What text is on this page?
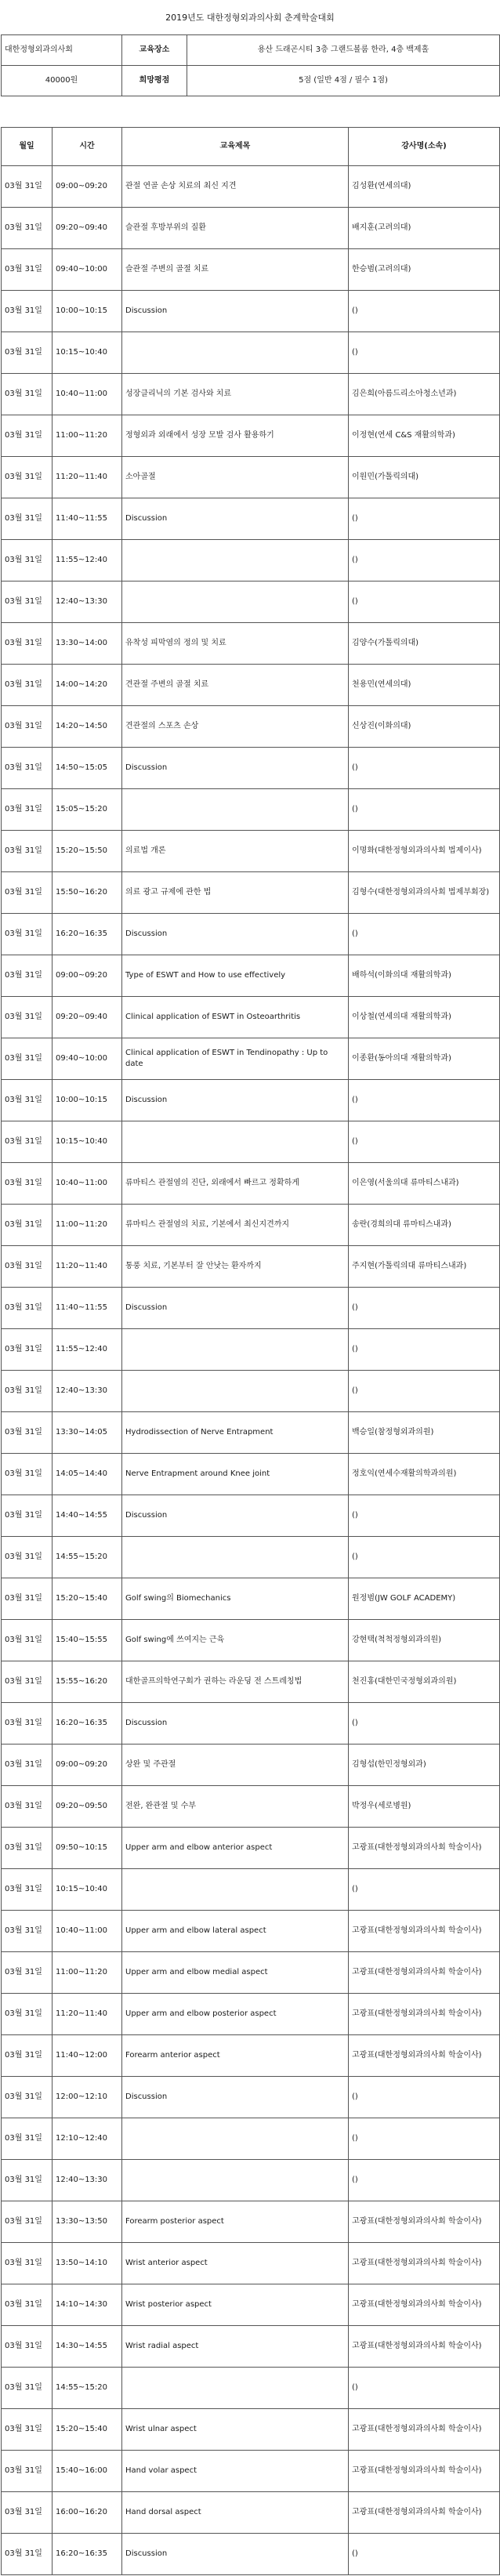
2019년도 대한정형외과의사회 춘계학술대회
대한정형외과의사회	교육장소	용산 드래곤시티 3층 그랜드볼룸 한라, 4층 백제홀
40000원	희망평점	5점 (일반 4점 / 필수 1점)
월일	시간	교육제목	강사명(소속)
03월 31일	09:00~09:20	관절 연골 손상 치료의 최신 지견	김성환(연세의대)
03월 31일	09:20~09:40	슬관절 후방부위의 질환	배지훈(고려의대)
03월 31일	09:40~10:00	슬관절 주변의 골절 치료	한승범(고려의대)
03월 31일	10:00~10:15	Discussion	()
03월 31일	10:15~10:40		()
03월 31일	10:40~11:00	성장클리닉의 기본 검사와 치료	김은희(아름드리소아청소년과)
03월 31일	11:00~11:20	정형외과 외래에서 성장 모발 검사 활용하기	이정현(연세 C&S 재활의학과)
03월 31일	11:20~11:40	소아골절	이원민(가톨릭의대)
03월 31일	11:40~11:55	Discussion	()
03월 31일	11:55~12:40		()
03월 31일	12:40~13:30		()
03월 31일	13:30~14:00	유착성 피막염의 정의 및 치료	김양수(가톨릭의대)
03월 31일	14:00~14:20	견관절 주변의 골절 치료	천용민(연세의대)
03월 31일	14:20~14:50	견관절의 스포츠 손상	신상진(이화의대)
03월 31일	14:50~15:05	Discussion	()
03월 31일	15:05~15:20		()
03월 31일	15:20~15:50	의료법 개론	이명화(대한정형외과의사회 법제이사)
03월 31일	15:50~16:20	의료 광고 규제에 관한 법	김형수(대한정형외과의사회 법제부회장)
03월 31일	16:20~16:35	Discussion	()
03월 31일	09:00~09:20	Type of ESWT and How to use effectively	배하석(이화의대 재활의학과)
03월 31일	09:20~09:40	Clinical application of ESWT in Osteoarthritis	이상철(연세의대 재활의학과)
03월 31일	09:40~10:00	Clinical application of ESWT in Tendinopathy : Up to date	이종환(동아의대 재활의학과)
03월 31일	10:00~10:15	Discussion	()
03월 31일	10:15~10:40		()
03월 31일	10:40~11:00	류마티스 관절염의 진단, 외래에서 빠르고 정확하게	이은영(서울의대 류마티스내과)
03월 31일	11:00~11:20	류마티스 관절염의 치료, 기본에서 최신지견까지	송란(경희의대 류마티스내과)
03월 31일	11:20~11:40	통풍 치료, 기본부터 잘 안낫는 환자까지	주지현(가톨릭의대 류마티스내과)
03월 31일	11:40~11:55	Discussion	()
03월 31일	11:55~12:40		()
03월 31일	12:40~13:30		()
03월 31일	13:30~14:05	Hydrodissection of Nerve Entrapment	백승일(참정형외과의원)
03월 31일	14:05~14:40	Nerve Entrapment around Knee joint	정호익(연세수재활의학과의원)
03월 31일	14:40~14:55	Discussion	()
03월 31일	14:55~15:20		()
03월 31일	15:20~15:40	Golf swing의 Biomechanics	원정범(JW GOLF ACADEMY)
03월 31일	15:40~15:55	Golf swing에 쓰여지는 근육	강현택(척척정형외과의원)
03월 31일	15:55~16:20	대한골프의학연구회가 권하는 라운딩 전 스트레칭법	천진홍(대한민국정형외과의원)
03월 31일	16:20~16:35	Discussion	()
03월 31일	09:00~09:20	상완 및 주관절	김형섭(한민정형외과)
03월 31일	09:20~09:50	전완, 완관절 및 수부	박정우(세로병원)
03월 31일	09:50~10:15	Upper arm and elbow anterior aspect	고광표(대한정형외과의사회 학술이사)
03월 31일	10:15~10:40		()
03월 31일	10:40~11:00	Upper arm and elbow lateral aspect	고광표(대한정형외과의사회 학술이사)
03월 31일	11:00~11:20	Upper arm and elbow medial aspect	고광표(대한정형외과의사회 학술이사)
03월 31일	11:20~11:40	Upper arm and elbow posterior aspect	고광표(대한정형외과의사회 학술이사)
03월 31일	11:40~12:00	Forearm anterior aspect	고광표(대한정형외과의사회 학술이사)
03월 31일	12:00~12:10	Discussion	()
03월 31일	12:10~12:40		()
03월 31일	12:40~13:30		()
03월 31일	13:30~13:50	Forearm posterior aspect	고광표(대한정형외과의사회 학술이사)
03월 31일	13:50~14:10	Wrist anterior aspect	고광표(대한정형외과의사회 학술이사)
03월 31일	14:10~14:30	Wrist posterior aspect	고광표(대한정형외과의사회 학술이사)
03월 31일	14:30~14:55	Wrist radial aspect	고광표(대한정형외과의사회 학술이사)
03월 31일	14:55~15:20		()
03월 31일	15:20~15:40	Wrist ulnar aspect	고광표(대한정형외과의사회 학술이사)
03월 31일	15:40~16:00	Hand volar aspect	고광표(대한정형외과의사회 학술이사)
03월 31일	16:00~16:20	Hand dorsal aspect	고광표(대한정형외과의사회 학술이사)
03월 31일	16:20~16:35	Discussion	()
